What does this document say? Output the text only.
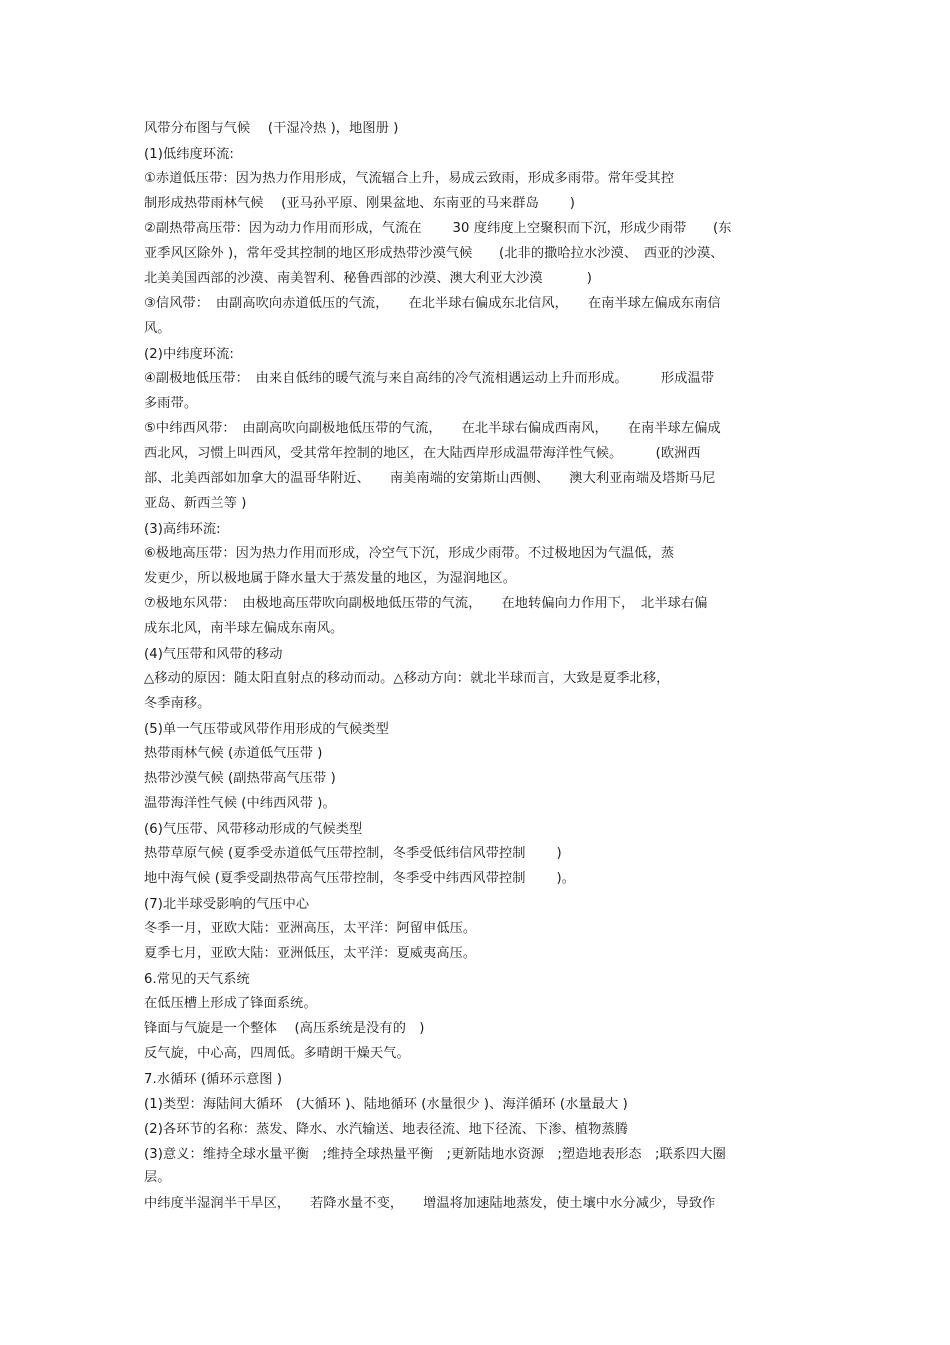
风带分布图与气候　 (干湿冷热 )，地图册 )
(1)低纬度环流:
①赤道低压带：因为热力作用形成，气流辐合上升，易成云致雨，形成多雨带。常年受其控
制形成热带雨林气候　 (亚马孙平原、刚果盆地、东南亚的马来群岛　　 )
②副热带高压带：因为动力作用而形成，气流在　　 30 度纬度上空聚积而下沉，形成少雨带　　(东
亚季风区除外 )，常年受其控制的地区形成热带沙漠气候　　(北非的撒哈拉水沙漠、　西亚的沙漠、
北美美国西部的沙漠、南美智利、秘鲁西部的沙漠、澳大利亚大沙漠　　　 )
③信风带：　由副高吹向赤道低压的气流，　　在北半球右偏成东北信风，　　在南半球左偏成东南信
风。
(2)中纬度环流:
④副极地低压带：　由来自低纬的暖气流与来自高纬的冷气流相遇运动上升而形成。　　　形成温带
多雨带。
⑤中纬西风带：　由副高吹向副极地低压带的气流，　　在北半球右偏成西南风，　　在南半球左偏成
西北风，习惯上叫西风，受其常年控制的地区，在大陆西岸形成温带海洋性气候。　　　(欧洲西
部、北美西部如加拿大的温哥华附近、　　南美南端的安第斯山西侧、　　澳大利亚南端及塔斯马尼
亚岛、新西兰等 )
(3)高纬环流:
⑥极地高压带：因为热力作用而形成，冷空气下沉，形成少雨带。不过极地因为气温低，蒸
发更少，所以极地属于降水量大于蒸发量的地区，为湿润地区。
⑦极地东风带：　由极地高压带吹向副极地低压带的气流，　　在地转偏向力作用下，　北半球右偏
成东北风，南半球左偏成东南风。
(4)气压带和风带的移动
△移动的原因：随太阳直射点的移动而动。△移动方向：就北半球而言，大致是夏季北移，
冬季南移。
(5)单一气压带或风带作用形成的气候类型
热带雨林气候 (赤道低气压带 )
热带沙漠气候 (副热带高气压带 )
温带海洋性气候 (中纬西风带 )。
(6)气压带、风带移动形成的气候类型
热带草原气候 (夏季受赤道低气压带控制，冬季受低纬信风带控制　　 )
地中海气候 (夏季受副热带高气压带控制，冬季受中纬西风带控制　　 )。
(7)北半球受影响的气压中心
冬季一月，亚欧大陆：亚洲高压，太平洋：阿留申低压。
夏季七月，亚欧大陆：亚洲低压，太平洋：夏威夷高压。
6.常见的天气系统
在低压槽上形成了锋面系统。
锋面与气旋是一个整体　 (高压系统是没有的　)
反气旋，中心高，四周低。多晴朗干燥天气。
7.水循环 (循环示意图 )
(1)类型：海陆间大循环　(大循环 )、陆地循环 (水量很少 )、海洋循环 (水量最大 )
(2)各环节的名称：蒸发、降水、水汽输送、地表径流、地下径流、下渗、植物蒸腾
(3)意义：维持全球水量平衡　;维持全球热量平衡　;更新陆地水资源　;塑造地表形态　;联系四大圈
层。
中纬度半湿润半干旱区，　　若降水量不变，　　增温将加速陆地蒸发，使土壤中水分减少，导致作
